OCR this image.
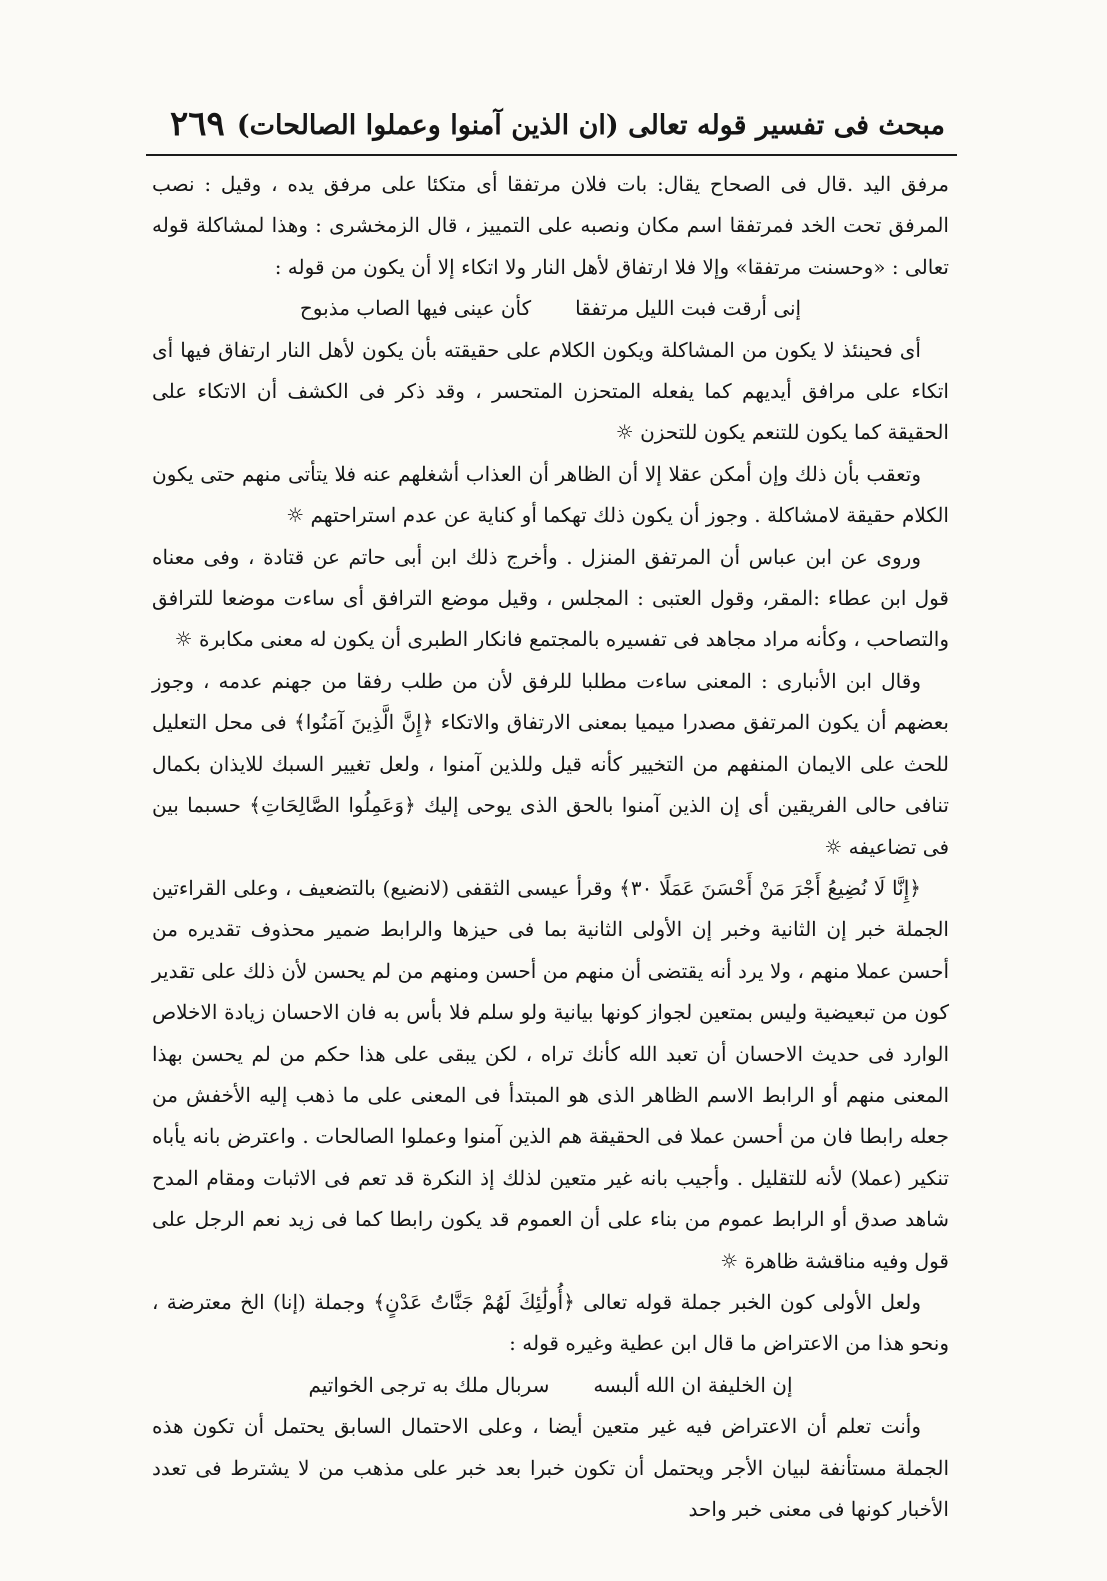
مبحث فى تفسير قوله تعالى (ان الذين آمنوا وعملوا الصالحات)
٢٦٩

مرفق اليد .قال فى الصحاح يقال: بات فلان مرتفقا أى متكئا على مرفق يده ، وقيل : نصب المرفق تحت الخد فمرتفقا اسم مكان ونصبه على التمييز ، قال الزمخشرى : وهذا لمشاكلة قوله تعالى : «وحسنت مرتفقا» وإلا فلا ارتفاق لأهل النار ولا اتكاء إلا أن يكون من قوله :

إنى أرقت فبت الليل مرتفقاكأن عينى فيها الصاب مذبوح

أى فحينئذ لا يكون من المشاكلة ويكون الكلام على حقيقته بأن يكون لأهل النار ارتفاق فيها أى اتكاء على مرافق أيديهم كما يفعله المتحزن المتحسر ، وقد ذكر فى الكشف أن الاتكاء على الحقيقة كما يكون للتنعم يكون للتحزن ☼

وتعقب بأن ذلك وإن أمكن عقلا إلا أن الظاهر أن العذاب أشغلهم عنه فلا يتأتى منهم حتى يكون الكلام حقيقة لامشاكلة . وجوز أن يكون ذلك تهكما أو كناية عن عدم استراحتهم ☼

وروى عن ابن عباس أن المرتفق المنزل . وأخرج ذلك ابن أبى حاتم عن قتادة ، وفى معناه قول ابن عطاء :المقر، وقول العتبى : المجلس ، وقيل موضع الترافق أى ساءت موضعا للترافق والتصاحب ، وكأنه مراد مجاهد فى تفسيره بالمجتمع فانكار الطبرى أن يكون له معنى مكابرة ☼

وقال ابن الأنبارى : المعنى ساءت مطلبا للرفق لأن من طلب رفقا من جهنم عدمه ، وجوز بعضهم أن يكون المرتفق مصدرا ميميا بمعنى الارتفاق والاتكاء ﴿إِنَّ الَّذِينَ آمَنُوا﴾ فى محل التعليل للحث على الايمان المنفهم من التخيير كأنه قيل وللذين آمنوا ، ولعل تغيير السبك للايذان بكمال تنافى حالى الفريقين أى إن الذين آمنوا بالحق الذى يوحى إليك ﴿وَعَمِلُوا الصَّالِحَاتِ﴾ حسبما بين فى تضاعيفه ☼

﴿إِنَّا لَا نُضِيعُ أَجْرَ مَنْ أَحْسَنَ عَمَلًا ٣٠﴾ وقرأ عيسى الثقفى (لانضيع) بالتضعيف ، وعلى القراءتين الجملة خبر إن الثانية وخبر إن الأولى الثانية بما فى حيزها والرابط ضمير محذوف تقديره من أحسن عملا منهم ، ولا يرد أنه يقتضى أن منهم من أحسن ومنهم من لم يحسن لأن ذلك على تقدير كون من تبعيضية وليس بمتعين لجواز كونها بيانية ولو سلم فلا بأس به فان الاحسان زيادة الاخلاص الوارد فى حديث الاحسان أن تعبد الله كأنك تراه ، لكن يبقى على هذا حكم من لم يحسن بهذا المعنى منهم أو الرابط الاسم الظاهر الذى هو المبتدأ فى المعنى على ما ذهب إليه الأخفش من جعله رابطا فان من أحسن عملا فى الحقيقة هم الذين آمنوا وعملوا الصالحات . واعترض بانه يأباه تنكير (عملا) لأنه للتقليل . وأجيب بانه غير متعين لذلك إذ النكرة قد تعم فى الاثبات ومقام المدح شاهد صدق أو الرابط عموم من بناء على أن العموم قد يكون رابطا كما فى زيد نعم الرجل على قول وفيه مناقشة ظاهرة ☼

ولعل الأولى كون الخبر جملة قوله تعالى ﴿أُولَٰئِكَ لَهُمْ جَنَّاتُ عَدْنٍ﴾ وجملة (إنا) الخ معترضة ، ونحو هذا من الاعتراض ما قال ابن عطية وغيره قوله :

إن الخليفة ان الله ألبسهسربال ملك به ترجى الخواتيم

وأنت تعلم أن الاعتراض فيه غير متعين أيضا ، وعلى الاحتمال السابق يحتمل أن تكون هذه الجملة مستأنفة لبيان الأجر ويحتمل أن تكون خبرا بعد خبر على مذهب من لا يشترط فى تعدد الأخبار كونها فى معنى خبر واحد
